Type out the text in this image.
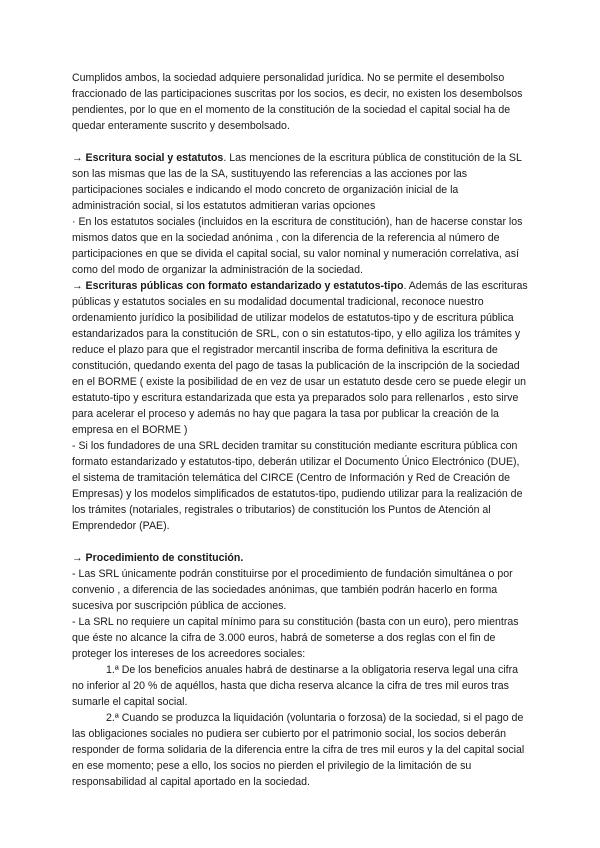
Cumplidos ambos, la sociedad adquiere personalidad jurídica. No se permite el desembolso fraccionado de las participaciones suscritas por los socios, es decir, no existen los desembolsos pendientes, por lo que en el momento de la constitución de la sociedad el capital social ha de quedar enteramente suscrito y desembolsado.

→ Escritura social y estatutos. Las menciones de la escritura pública de constitución de la SL son las mismas que las de la SA, sustituyendo las referencias a las acciones por las participaciones sociales e indicando el modo concreto de organización inicial de la administración social, si los estatutos admitieran varias opciones

· En los estatutos sociales (incluidos en la escritura de constitución), han de hacerse constar los mismos datos que en la sociedad anónima , con la diferencia de la referencia al número de participaciones en que se divida el capital social, su valor nominal y numeración correlativa, así como del modo de organizar la administración de la sociedad.

→ Escrituras públicas con formato estandarizado y estatutos-tipo. Además de las escrituras públicas y estatutos sociales en su modalidad documental tradicional, reconoce nuestro ordenamiento jurídico la posibilidad de utilizar modelos de estatutos-tipo y de escritura pública estandarizados para la constitución de SRL, con o sin estatutos-tipo, y ello agiliza los trámites y reduce el plazo para que el registrador mercantil inscriba de forma definitiva la escritura de constitución, quedando exenta del pago de tasas la publicación de la inscripción de la sociedad en el BORME ( existe la posibilidad de en vez de usar un estatuto desde cero se puede elegir un estatuto-tipo y escritura estandarizada que esta ya preparados solo para rellenarlos , esto sirve para acelerar el proceso y además no hay que pagara la tasa por publicar la creación de la empresa en el BORME )

- Si los fundadores de una SRL deciden tramitar su constitución mediante escritura pública con formato estandarizado y estatutos-tipo, deberán utilizar el Documento Único Electrónico (DUE), el sistema de tramitación telemática del CIRCE (Centro de Información y Red de Creación de Empresas) y los modelos simplificados de estatutos-tipo, pudiendo utilizar para la realización de los trámites (notariales, registrales o tributarios) de constitución los Puntos de Atención al Emprendedor (PAE).

→ Procedimiento de constitución.

- Las SRL únicamente podrán constituirse por el procedimiento de fundación simultánea o por convenio , a diferencia de las sociedades anónimas, que también podrán hacerlo en forma sucesiva por suscripción pública de acciones.

- La SRL no requiere un capital mínimo para su constitución (basta con un euro), pero mientras que éste no alcance la cifra de 3.000 euros, habrá de someterse a dos reglas con el fin de proteger los intereses de los acreedores sociales:

1.ª De los beneficios anuales habrá de destinarse a la obligatoria reserva legal una cifra no inferior al 20 % de aquéllos, hasta que dicha reserva alcance la cifra de tres mil euros tras sumarle el capital social.

2.ª Cuando se produzca la liquidación (voluntaria o forzosa) de la sociedad, si el pago de las obligaciones sociales no pudiera ser cubierto por el patrimonio social, los socios deberán responder de forma solidaria de la diferencia entre la cifra de tres mil euros y la del capital social en ese momento; pese a ello, los socios no pierden el privilegio de la limitación de su responsabilidad al capital aportado en la sociedad.
